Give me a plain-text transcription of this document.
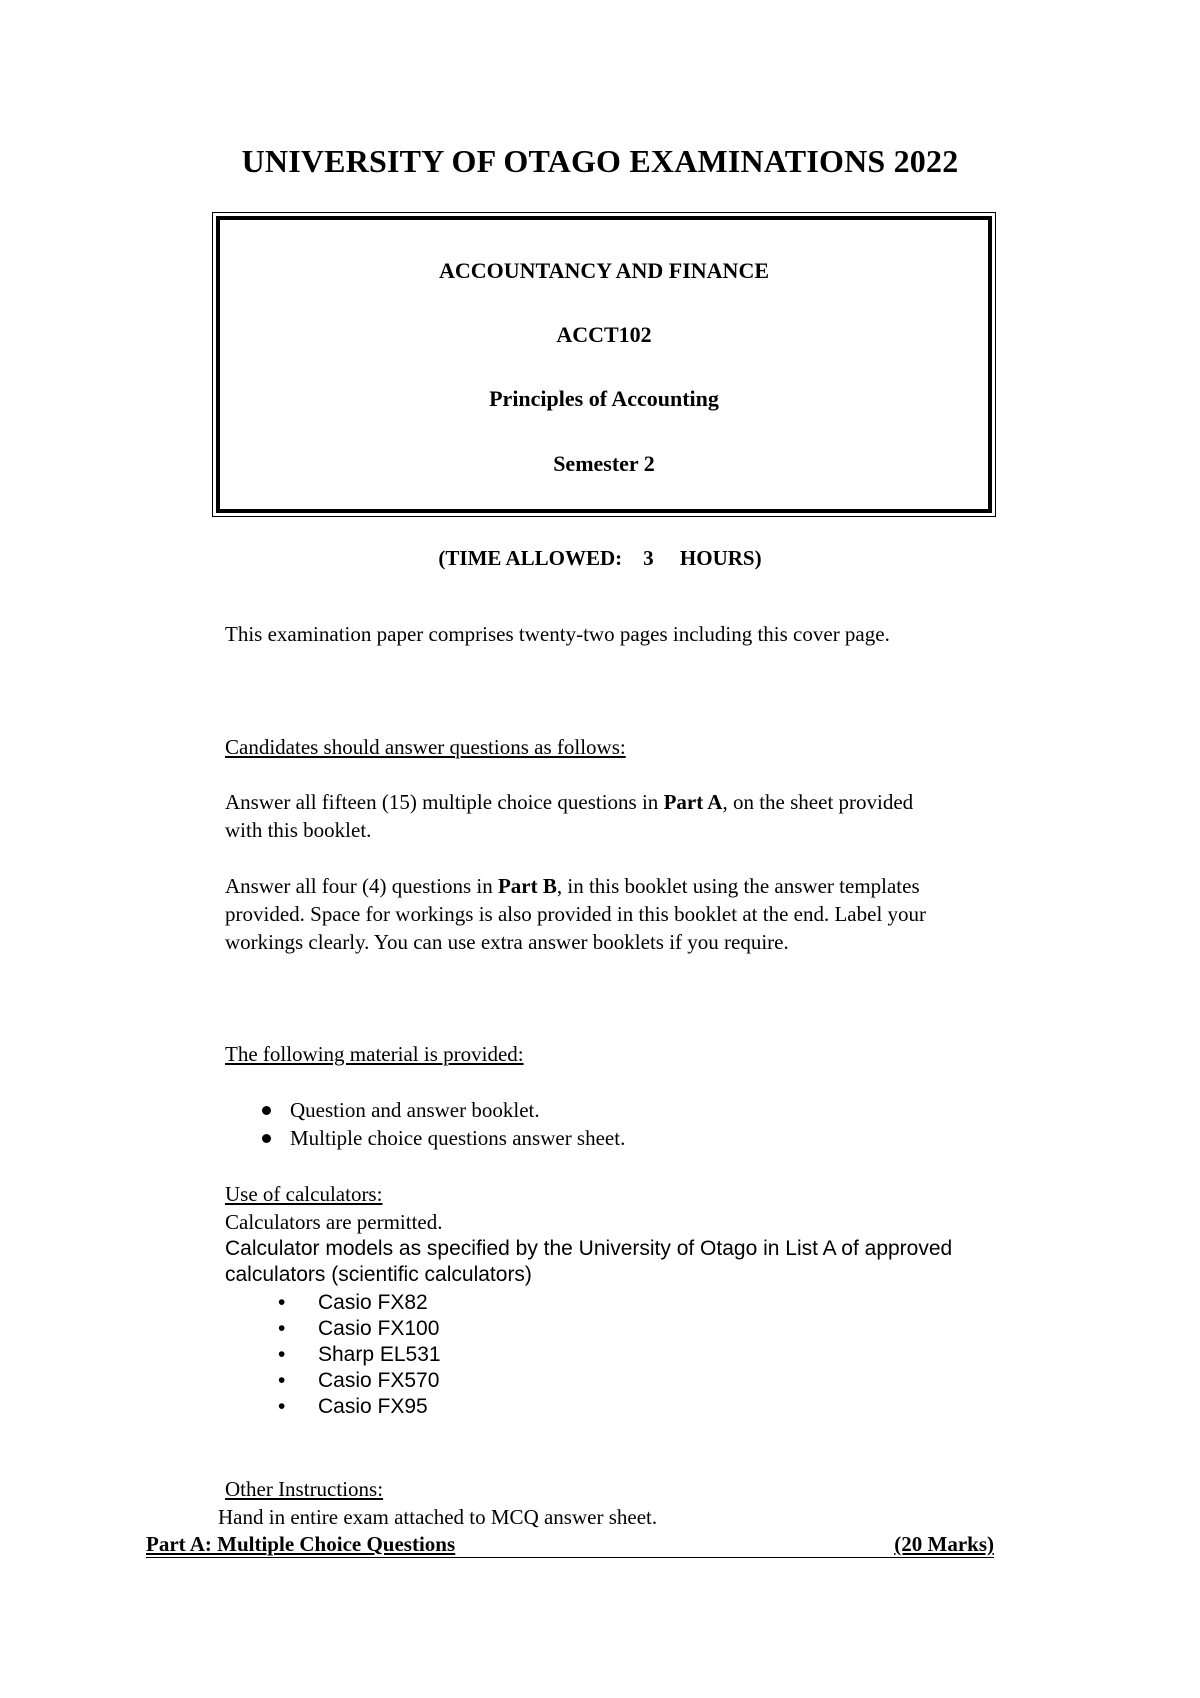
UNIVERSITY OF OTAGO EXAMINATIONS 2022
ACCOUNTANCY AND FINANCE
ACCT102
Principles of Accounting
Semester 2
(TIME ALLOWED:    3     HOURS)
This examination paper comprises twenty-two pages including this cover page.
Candidates should answer questions as follows:
Answer all fifteen (15) multiple choice questions in Part A, on the sheet provided with this booklet.
Answer all four (4) questions in Part B, in this booklet using the answer templates provided. Space for workings is also provided in this booklet at the end. Label your workings clearly. You can use extra answer booklets if you require.
The following material is provided:
Question and answer booklet.
Multiple choice questions answer sheet.
Use of calculators:
Calculators are permitted.
Calculator models as specified by the University of Otago in List A of approved calculators (scientific calculators)
• Casio FX82
• Casio FX100
• Sharp EL531
• Casio FX570
• Casio FX95
Other Instructions:
Hand in entire exam attached to MCQ answer sheet.
Part A: Multiple Choice Questions	(20 Marks)
